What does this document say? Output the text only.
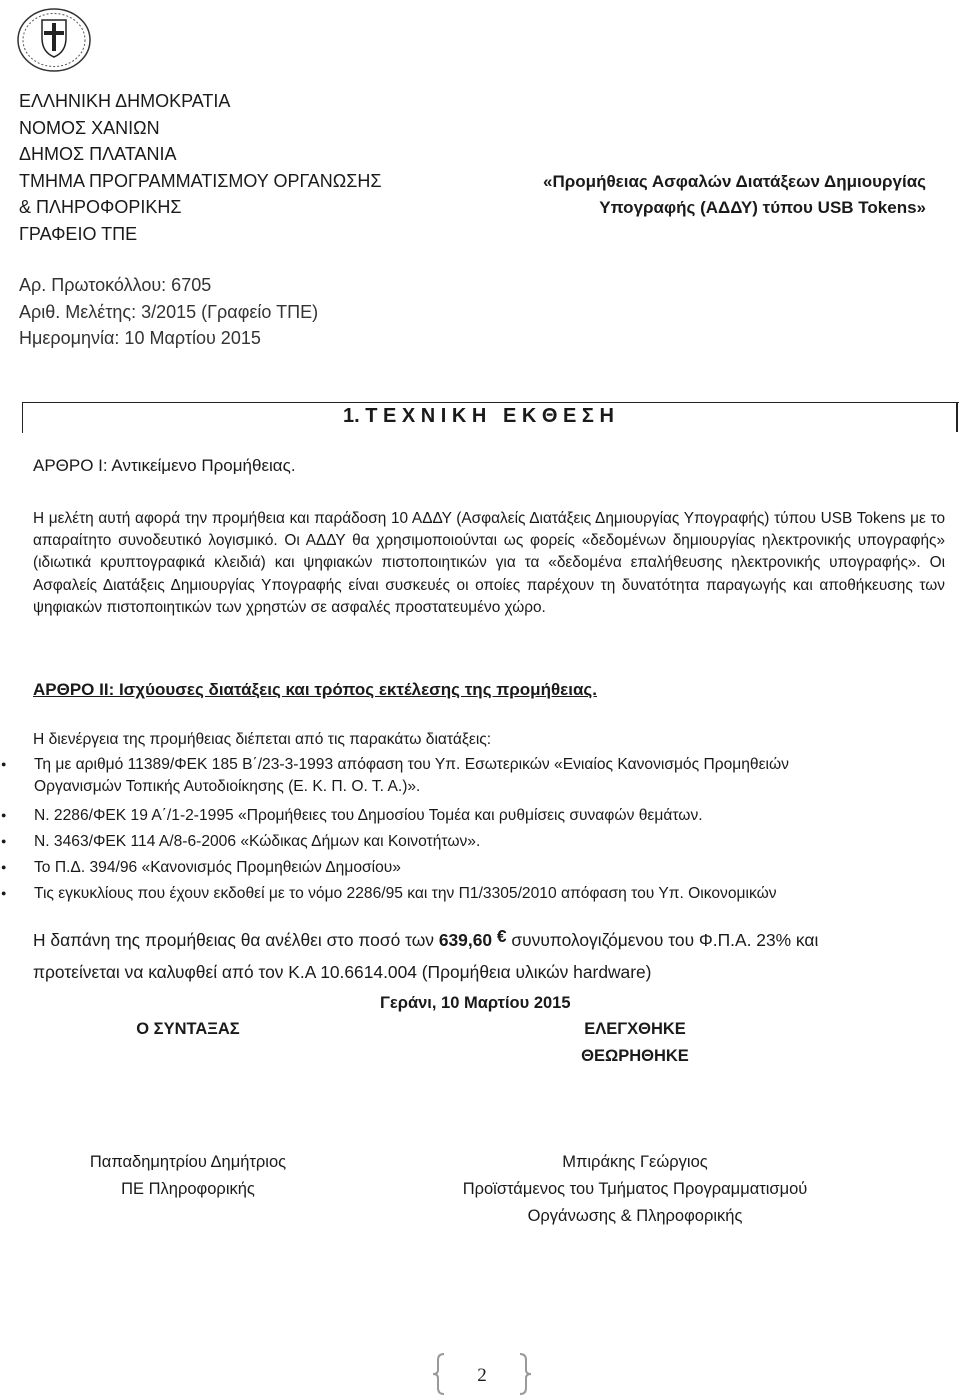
ΕΛΛΗΝΙΚΗ ΔΗΜΟΚΡΑΤΙΑ
ΝΟΜΟΣ ΧΑΝΙΩΝ
ΔΗΜΟΣ ΠΛΑΤΑΝΙΑ
ΤΜΗΜΑ ΠΡΟΓΡΑΜΜΑΤΙΣΜΟΥ ΟΡΓΑΝΩΣΗΣ
& ΠΛΗΡΟΦΟΡΙΚΗΣ
ΓΡΑΦΕΙΟ ΤΠΕ
«Προμήθειας Ασφαλών Διατάξεων Δημιουργίας
Υπογραφής (ΑΔΔΥ) τύπου USB Tokens»
Αρ. Πρωτοκόλλου: 6705
Αριθ. Μελέτης: 3/2015 (Γραφείο ΤΠΕ)
Ημερομηνία: 10 Μαρτίου 2015
1. Τ Ε Χ Ν Ι Κ Η   Ε Κ Θ Ε Σ Η
ΑΡΘΡΟ Ι: Αντικείμενο Προμήθειας.
Η μελέτη αυτή αφορά την προμήθεια και παράδοση 10 ΑΔΔΥ (Ασφαλείς Διατάξεις Δημιουργίας Υπογραφής) τύπου USB Tokens με το απαραίτητο συνοδευτικό λογισμικό. Οι ΑΔΔΥ θα χρησιμοποιούνται ως φορείς «δεδομένων δημιουργίας ηλεκτρονικής υπογραφής» (ιδιωτικά κρυπτογραφικά κλειδιά) και ψηφιακών πιστοποιητικών για τα «δεδομένα επαλήθευσης ηλεκτρονικής υπογραφής». Οι Ασφαλείς Διατάξεις Δημιουργίας Υπογραφής είναι συσκευές οι οποίες παρέχουν τη δυνατότητα παραγωγής και αποθήκευσης των ψηφιακών πιστοποιητικών των χρηστών σε ασφαλές προστατευμένο χώρο.
ΑΡΘΡΟ ΙΙ: Ισχύουσες διατάξεις και τρόπος εκτέλεσης της προμήθειας.
Η διενέργεια της προμήθειας διέπεται από τις παρακάτω διατάξεις:
● Τη με αριθμό 11389/ΦΕΚ 185 Β΄/23-3-1993 απόφαση του Υπ. Εσωτερικών «Ενιαίος Κανονισμός Προμηθειών Οργανισμών Τοπικής Αυτοδιοίκησης (Ε. Κ. Π. Ο. Τ. Α.)».
● Ν. 2286/ΦΕΚ 19 Α΄/1-2-1995 «Προμήθειες του Δημοσίου Τομέα και ρυθμίσεις συναφών θεμάτων.
● Ν. 3463/ΦΕΚ 114 Α/8-6-2006 «Κώδικας Δήμων και Κοινοτήτων».
● Το Π.Δ. 394/96 «Κανονισμός Προμηθειών Δημοσίου»
● Τις εγκυκλίους που έχουν εκδοθεί με το νόμο 2286/95 και την Π1/3305/2010 απόφαση του Υπ. Οικονομικών
Η δαπάνη της προμήθειας θα ανέλθει στο ποσό των 639,60 € συνυπολογιζόμενου του Φ.Π.Α. 23% και
προτείνεται να καλυφθεί από τον Κ.Α 10.6614.004 (Προμήθεια υλικών hardware)
Γεράνι, 10 Μαρτίου 2015
Ο ΣΥΝΤΑΞΑΣ	ΕΛΕΓΧΘΗΚΕ
ΘΕΩΡΗΘΗΚΕ
Παπαδημητρίου Δημήτριος
ΠΕ Πληροφορικής
Μπιράκης Γεώργιος
Προϊστάμενος του Τμήματος Προγραμματισμού
Οργάνωσης & Πληροφορικής
2
